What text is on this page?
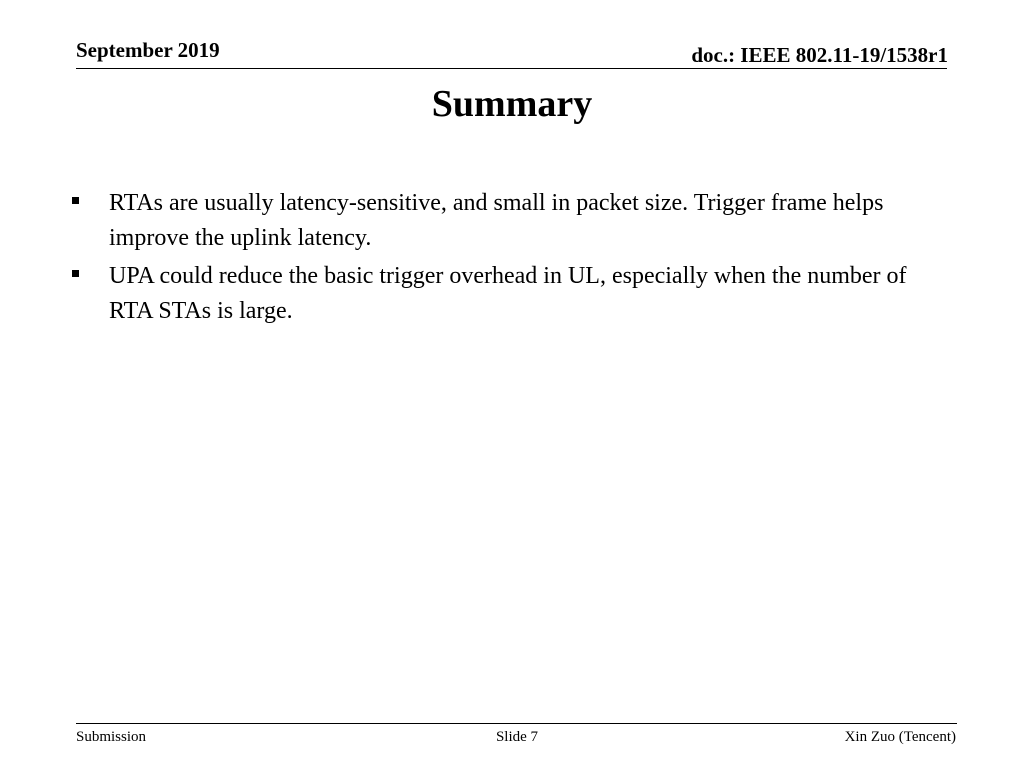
September 2019	doc.: IEEE 802.11-19/1538r1
Summary
RTAs are usually latency-sensitive, and small in packet size. Trigger frame helps improve the uplink latency.
UPA could reduce the basic trigger overhead in UL, especially when the number of RTA STAs is large.
Submission	Slide 7	Xin Zuo (Tencent)
